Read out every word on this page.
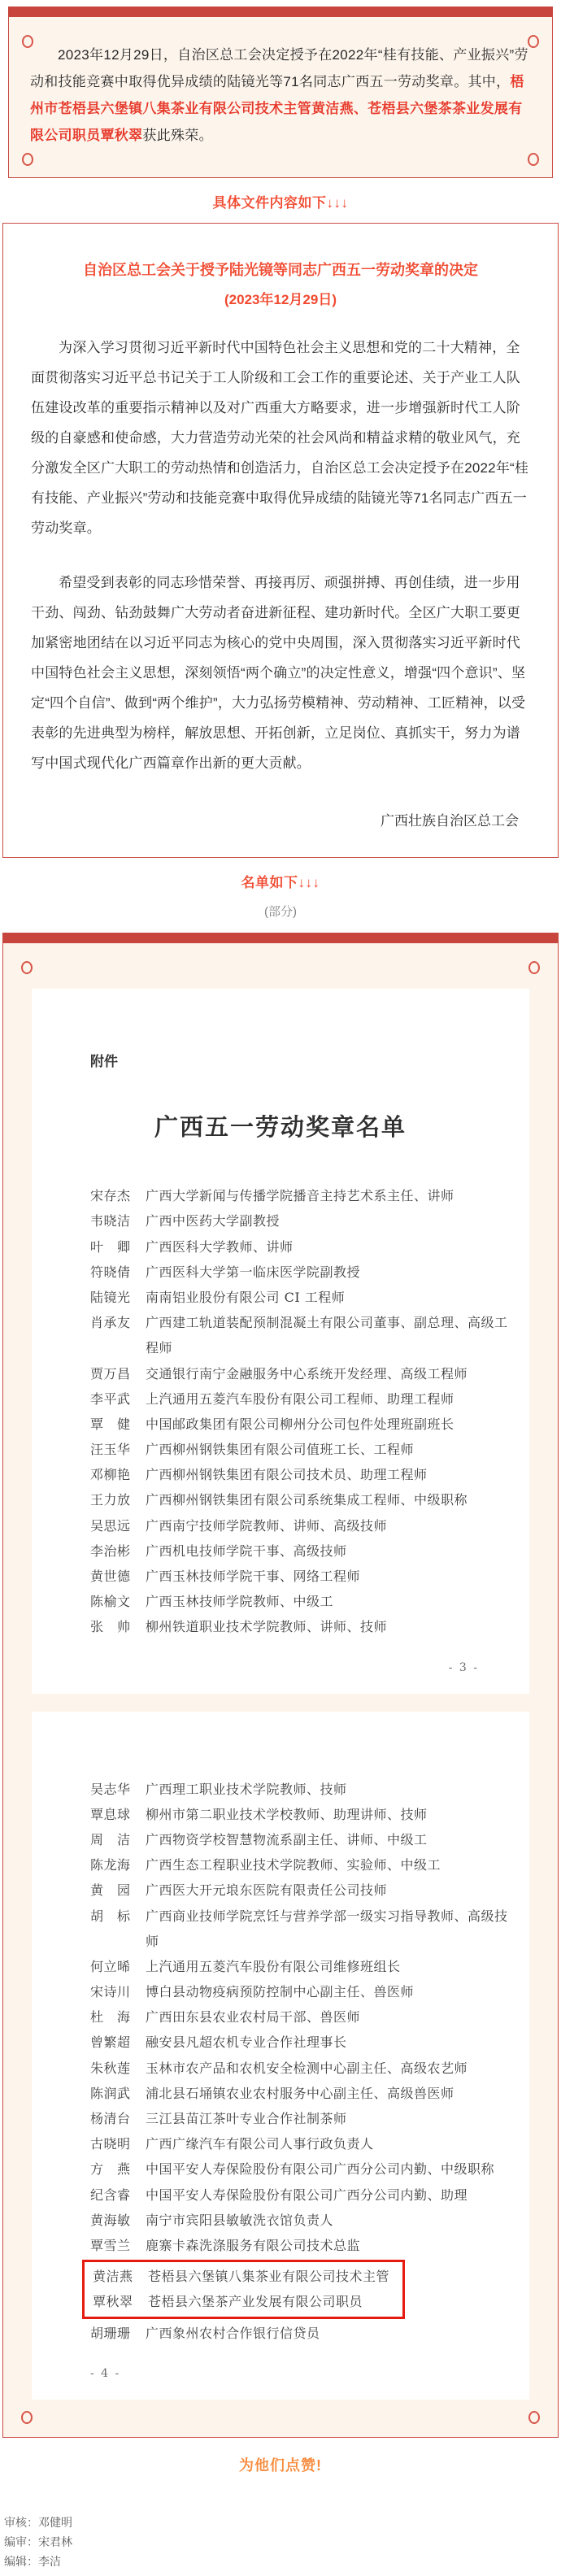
2023年12月29日，自治区总工会决定授予在2022年“桂有技能、产业振兴”劳动和技能竞赛中取得优异成绩的陆镜光等71名同志广西五一劳动奖章。其中，梧州市苍梧县六堡镇八集茶业有限公司技术主管黄洁燕、苍梧县六堡茶茶业发展有限公司职员覃秋翠获此殊荣。

具体文件内容如下↓↓↓

自治区总工会关于授予陆光镜等同志广西五一劳动奖章的决定
(2023年12月29日)

为深入学习贯彻习近平新时代中国特色社会主义思想和党的二十大精神，全面贯彻落实习近平总书记关于工人阶级和工会工作的重要论述、关于产业工人队伍建设改革的重要指示精神以及对广西重大方略要求，进一步增强新时代工人阶级的自豪感和使命感，大力营造劳动光荣的社会风尚和精益求精的敬业风气，充分激发全区广大职工的劳动热情和创造活力，自治区总工会决定授予在2022年“桂有技能、产业振兴”劳动和技能竞赛中取得优异成绩的陆镜光等71名同志广西五一劳动奖章。

希望受到表彰的同志珍惜荣誉、再接再厉、顽强拼搏、再创佳绩，进一步用干劲、闯劲、钻劲鼓舞广大劳动者奋进新征程、建功新时代。全区广大职工要更加紧密地团结在以习近平同志为核心的党中央周围，深入贯彻落实习近平新时代中国特色社会主义思想，深刻领悟“两个确立”的决定性意义，增强“四个意识”、坚定“四个自信”、做到“两个维护”，大力弘扬劳模精神、劳动精神、工匠精神，以受表彰的先进典型为榜样，解放思想、开拓创新，立足岗位、真抓实干，努力为谱写中国式现代化广西篇章作出新的更大贡献。

广西壮族自治区总工会

名单如下↓↓↓

(部分)

附件
广西五一劳动奖章名单
宋存杰 广西大学新闻与传播学院播音主持艺术系主任、讲师
韦晓洁 广西中医药大学副教授
叶　卿 广西医科大学教师、讲师
符晓倩 广西医科大学第一临床医学院副教授
陆镜光 南南铝业股份有限公司 CI 工程师
肖承友 广西建工轨道装配预制混凝土有限公司董事、副总理、高级工程师
贾万昌 交通银行南宁金融服务中心系统开发经理、高级工程师
李平武 上汽通用五菱汽车股份有限公司工程师、助理工程师
覃　健 中国邮政集团有限公司柳州分公司包件处理班副班长
汪玉华 广西柳州钢铁集团有限公司值班工长、工程师
邓柳艳 广西柳州钢铁集团有限公司技术员、助理工程师
王力放 广西柳州钢铁集团有限公司系统集成工程师、中级职称
吴思远 广西南宁技师学院教师、讲师、高级技师
李治彬 广西机电技师学院干事、高级技师
黄世德 广西玉林技师学院干事、网络工程师
陈榆文 广西玉林技师学院教师、中级工
张　帅 柳州铁道职业技术学院教师、讲师、技师
- 3 -
吴志华 广西理工职业技术学院教师、技师
覃息球 柳州市第二职业技术学校教师、助理讲师、技师
周　洁 广西物资学校智慧物流系副主任、讲师、中级工
陈龙海 广西生态工程职业技术学院教师、实验师、中级工
黄　园 广西医大开元埌东医院有限责任公司技师
胡　标 广西商业技师学院烹饪与营养学部一级实习指导教师、高级技师
何立晞 上汽通用五菱汽车股份有限公司维修班组长
宋诗川 博白县动物疫病预防控制中心副主任、兽医师
杜　海 广西田东县农业农村局干部、兽医师
曾繁超 融安县凡超农机专业合作社理事长
朱秋莲 玉林市农产品和农机安全检测中心副主任、高级农艺师
陈润武 浦北县石埇镇农业农村服务中心副主任、高级兽医师
杨清台 三江县苗江茶叶专业合作社制茶师
古晓明 广西广缘汽车有限公司人事行政负责人
方　燕 中国平安人寿保险股份有限公司广西分公司内勤、中级职称
纪含睿 中国平安人寿保险股份有限公司广西分公司内勤、助理
黄海敏 南宁市宾阳县敏敏洗衣馆负责人
覃雪兰 鹿寨卡森洗涤服务有限公司技术总监
黄洁燕 苍梧县六堡镇八集茶业有限公司技术主管
覃秋翠 苍梧县六堡茶产业发展有限公司职员
胡珊珊 广西象州农村合作银行信贷员
- 4 -

为他们点赞!

审核：邓健明
编审：宋君林
编辑：李洁
